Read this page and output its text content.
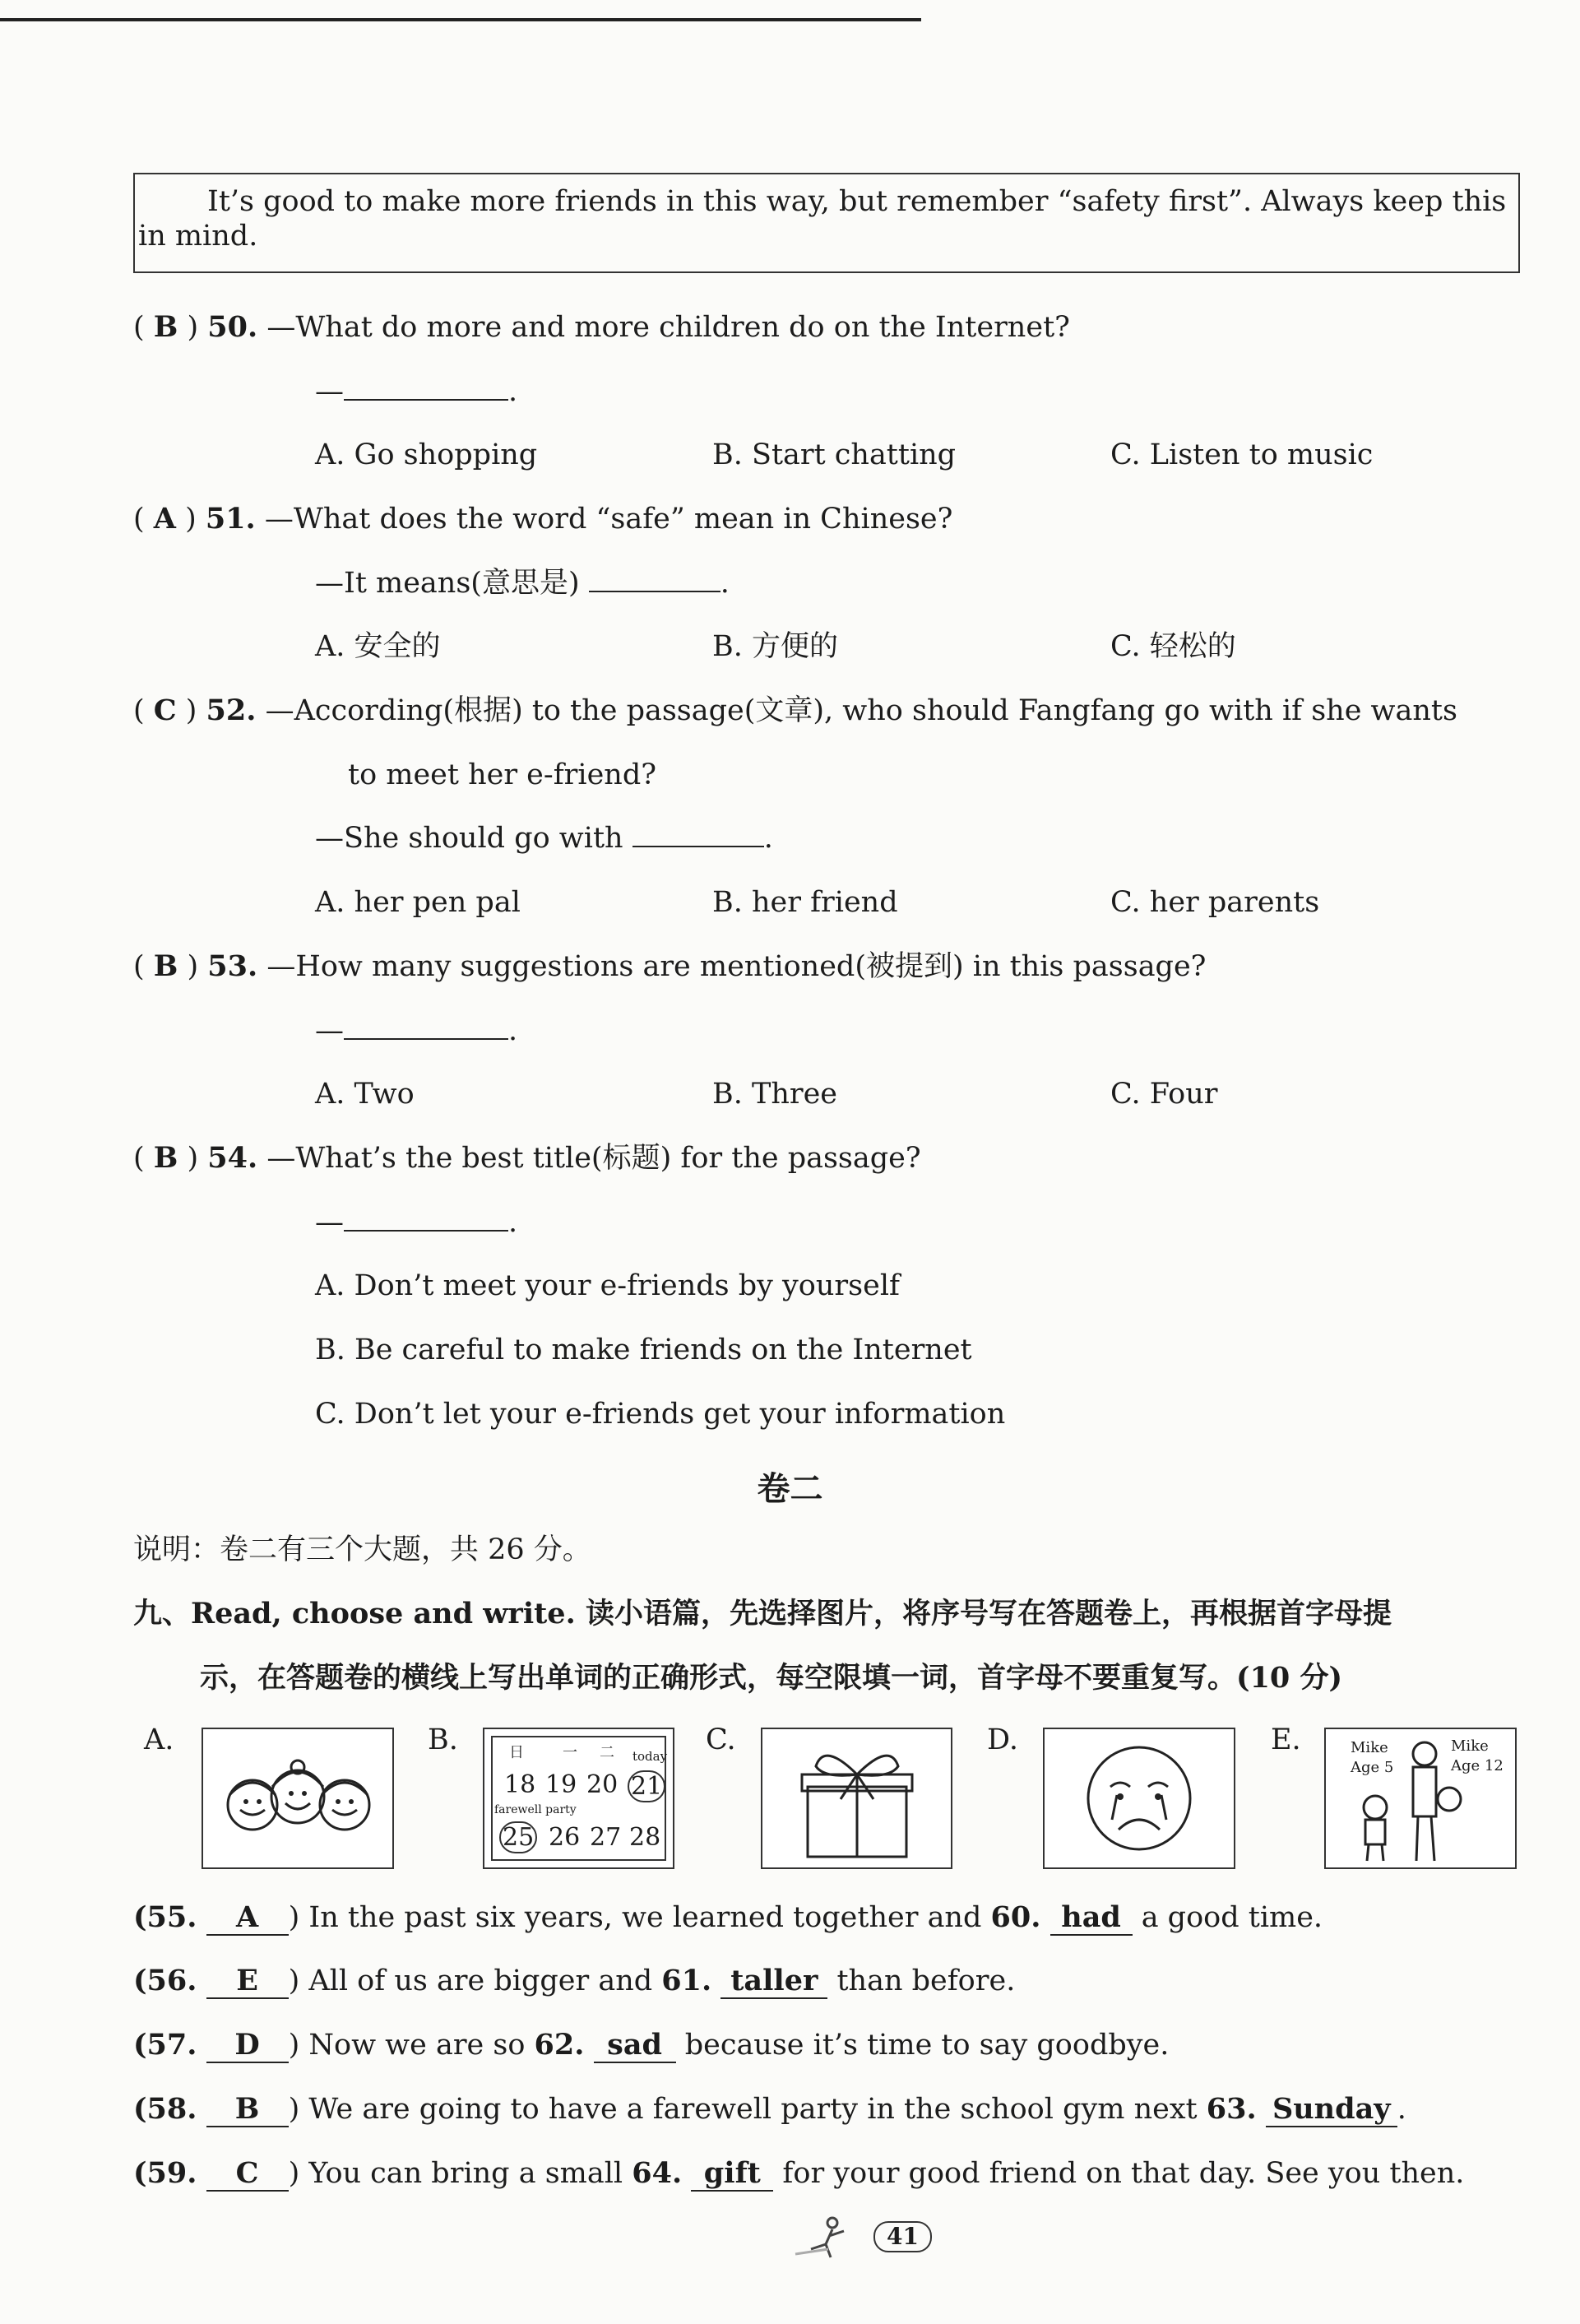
It’s good to make more friends in this way, but remember “safety first”. Always keep this

in mind.

( B ) 50. —What do more and more children do on the Internet?
—	.
A. Go shopping	B. Start chatting	C. Listen to music
( A ) 51. —What does the word “safe” mean in Chinese?
—It means(意思是)	.
A. 安全的	B. 方便的	C. 轻松的
( C ) 52. —According(根据) to the passage(文章), who should Fangfang go with if she wants
to meet her e-friend?
—She should go with	.
A. her pen pal	B. her friend	C. her parents
( B ) 53. —How many suggestions are mentioned(被提到) in this passage?
—	.
A. Two	B. Three	C. Four
( B ) 54. —What’s the best title(标题) for the passage?
—	.
A. Don’t meet your e-friends by yourself
B. Be careful to make friends on the Internet
C. Don’t let your e-friends get your information
卷二
说明：卷二有三个大题，共 26 分。
九、Read, choose and write. 读小语篇，先选择图片，将序号写在答题卷上，再根据首字母提
示，在答题卷的横线上写出单词的正确形式，每空限填一词，首字母不要重复写。(10 分)
A.	B.	C.	D.	E.
日	一 二 today
18 19 20 21
farewell party
25 26 27 28
Mike
Age 5
Mike
Age 12
(55. A ) In the past six years, we learned together and 60. had a good time.
(56. E ) All of us are bigger and 61. taller than before.
(57. D ) Now we are so 62. sad because it’s time to say goodbye.
(58. B ) We are going to have a farewell party in the school gym next 63. Sunday .
(59. C ) You can bring a small 64. gift for your good friend on that day. See you then.
41
